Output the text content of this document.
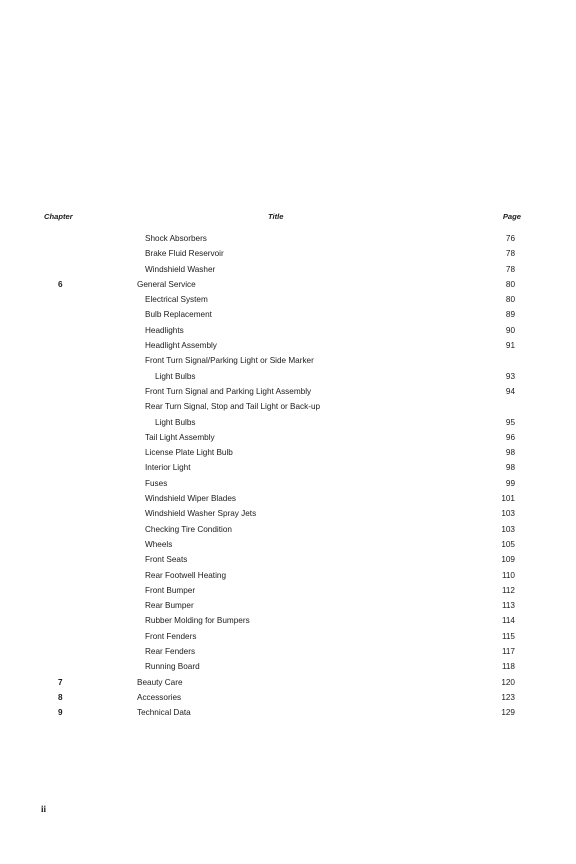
Chapter	Title	Page
Shock Absorbers	76
Brake Fluid Reservoir	78
Windshield Washer	78
6	General Service	80
Electrical System	80
Bulb Replacement	89
Headlights	90
Headlight Assembly	91
Front Turn Signal/Parking Light or Side Marker
Light Bulbs	93
Front Turn Signal and Parking Light Assembly	94
Rear Turn Signal, Stop and Tail Light or Back-up
Light Bulbs	95
Tail Light Assembly	96
License Plate Light Bulb	98
Interior Light	98
Fuses	99
Windshield Wiper Blades	101
Windshield Washer Spray Jets	103
Checking Tire Condition	103
Wheels	105
Front Seats	109
Rear Footwell Heating	110
Front Bumper	112
Rear Bumper	113
Rubber Molding for Bumpers	114
Front Fenders	115
Rear Fenders	117
Running Board	118
7	Beauty Care	120
8	Accessories	123
9	Technical Data	129
ii
